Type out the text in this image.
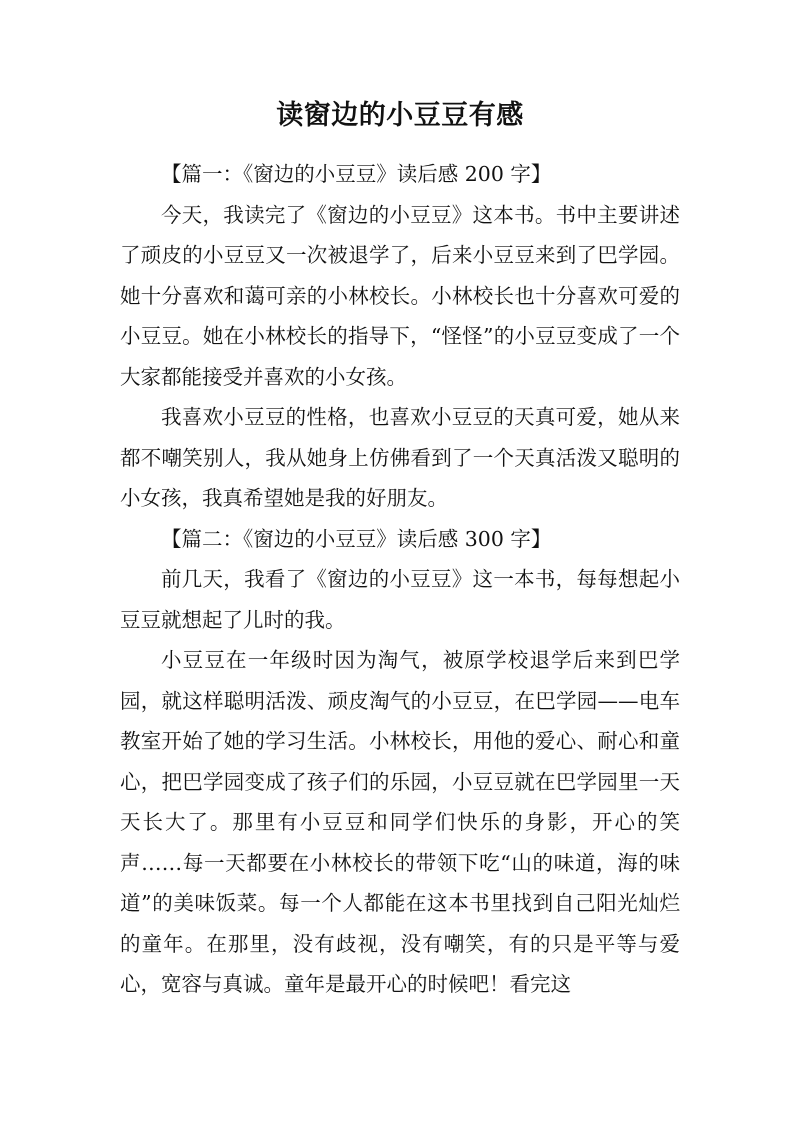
读窗边的小豆豆有感

【篇一：《窗边的小豆豆》读后感 200 字】

今天，我读完了《窗边的小豆豆》这本书。书中主要讲述了顽皮的小豆豆又一次被退学了，后来小豆豆来到了巴学园。她十分喜欢和蔼可亲的小林校长。小林校长也十分喜欢可爱的小豆豆。她在小林校长的指导下，“怪怪”的小豆豆变成了一个大家都能接受并喜欢的小女孩。

我喜欢小豆豆的性格，也喜欢小豆豆的天真可爱，她从来都不嘲笑别人，我从她身上仿佛看到了一个天真活泼又聪明的小女孩，我真希望她是我的好朋友。

【篇二：《窗边的小豆豆》读后感 300 字】

前几天，我看了《窗边的小豆豆》这一本书，每每想起小豆豆就想起了儿时的我。

小豆豆在一年级时因为淘气，被原学校退学后来到巴学园，就这样聪明活泼、顽皮淘气的小豆豆，在巴学园——电车教室开始了她的学习生活。小林校长，用他的爱心、耐心和童心，把巴学园变成了孩子们的乐园，小豆豆就在巴学园里一天天长大了。那里有小豆豆和同学们快乐的身影，开心的笑声……每一天都要在小林校长的带领下吃“山的味道，海的味道”的美味饭菜。每一个人都能在这本书里找到自己阳光灿烂的童年。在那里，没有歧视，没有嘲笑，有的只是平等与爱心，宽容与真诚。童年是最开心的时候吧！看完这
